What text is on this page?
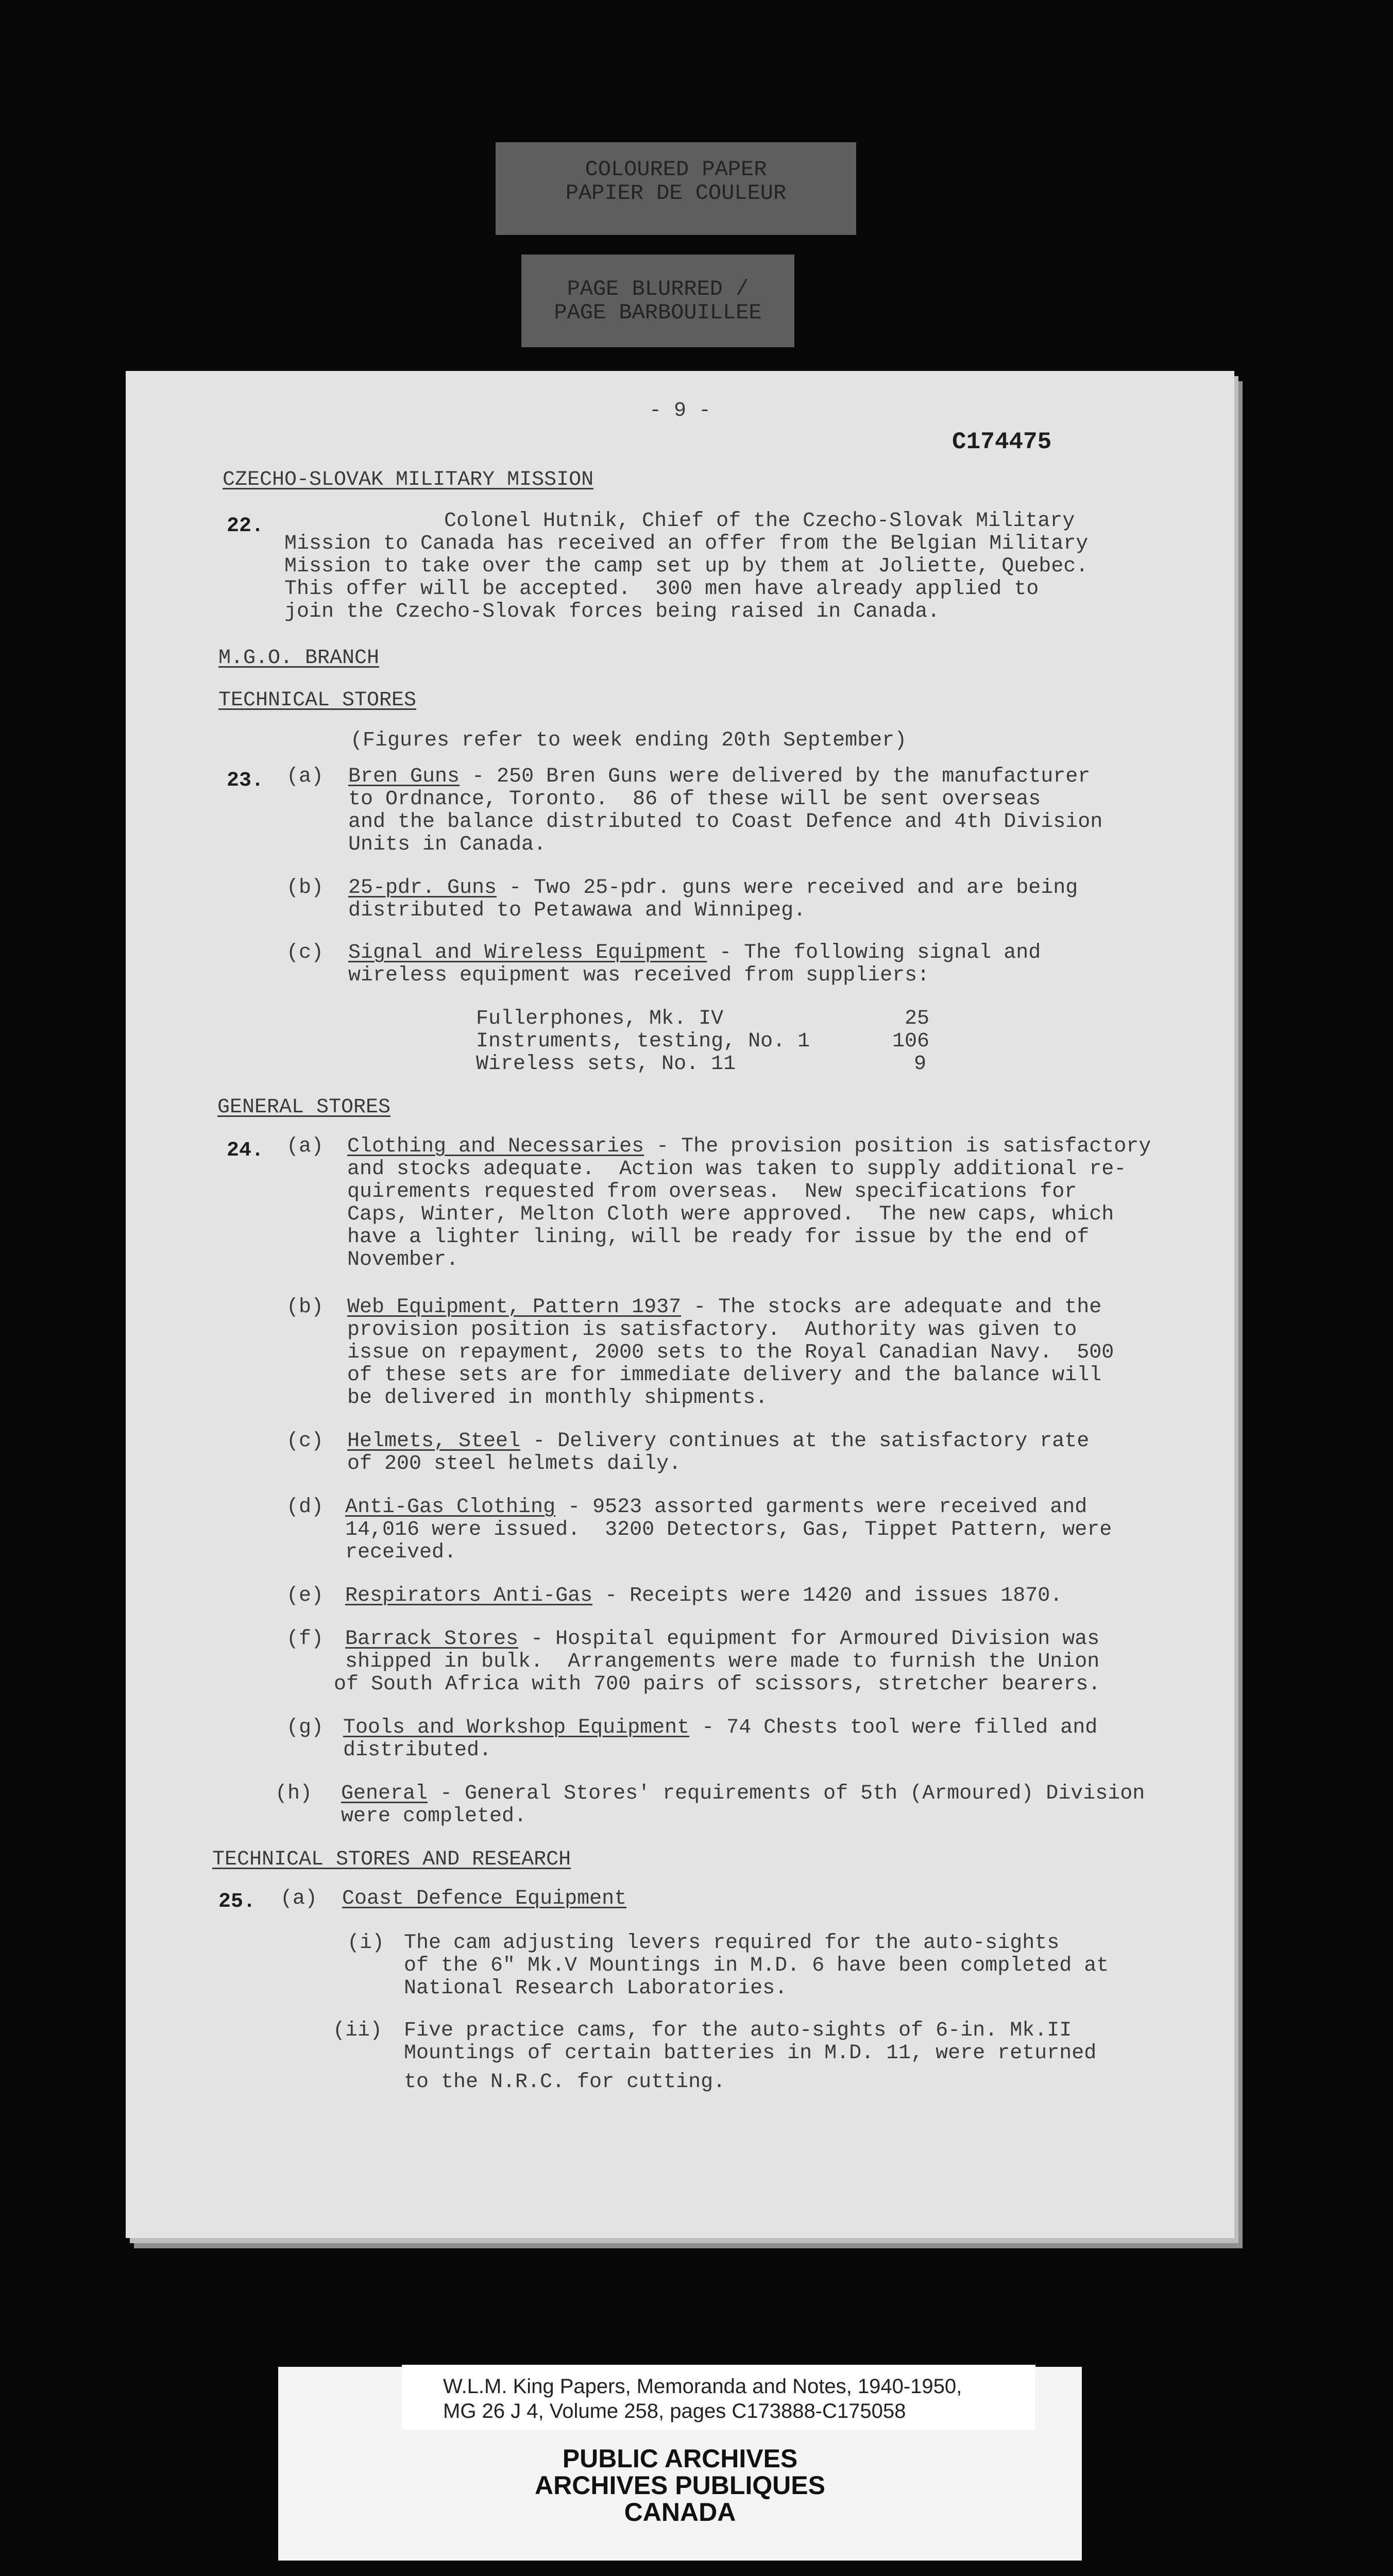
COLOURED PAPER
PAPIER DE COULEUR
PAGE BLURRED /
PAGE BARBOUILLEE
- 9 -
C174475
CZECHO-SLOVAK MILITARY MISSION
22.	Colonel Hutnik, Chief of the Czecho-Slovak Military
Mission to Canada has received an offer from the Belgian Military
Mission to take over the camp set up by them at Joliette, Quebec.
This offer will be accepted.  300 men have already applied to
join the Czecho-Slovak forces being raised in Canada.
M.G.O. BRANCH
TECHNICAL STORES
(Figures refer to week ending 20th September)
23. (a) Bren Guns - 250 Bren Guns were delivered by the manufacturer
to Ordnance, Toronto.  86 of these will be sent overseas
and the balance distributed to Coast Defence and 4th Division
Units in Canada.
(b) 25-pdr. Guns - Two 25-pdr. guns were received and are being
distributed to Petawawa and Winnipeg.
(c) Signal and Wireless Equipment - The following signal and
wireless equipment was received from suppliers:
Fullerphones, Mk. IV	25
Instruments, testing, No. 1	106
Wireless sets, No. 11	9
GENERAL STORES
24. (a) Clothing and Necessaries - The provision position is satisfactory
and stocks adequate.  Action was taken to supply additional re-
quirements requested from overseas.  New specifications for
Caps, Winter, Melton Cloth were approved.  The new caps, which
have a lighter lining, will be ready for issue by the end of
November.
(b) Web Equipment, Pattern 1937 - The stocks are adequate and the
provision position is satisfactory.  Authority was given to
issue on repayment, 2000 sets to the Royal Canadian Navy.  500
of these sets are for immediate delivery and the balance will
be delivered in monthly shipments.
(c) Helmets, Steel - Delivery continues at the satisfactory rate
of 200 steel helmets daily.
(d) Anti-Gas Clothing - 9523 assorted garments were received and
14,016 were issued.  3200 Detectors, Gas, Tippet Pattern, were
received.
(e) Respirators Anti-Gas - Receipts were 1420 and issues 1870.
(f) Barrack Stores - Hospital equipment for Armoured Division was
shipped in bulk.  Arrangements were made to furnish the Union
of South Africa with 700 pairs of scissors, stretcher bearers.
(g) Tools and Workshop Equipment - 74 Chests tool were filled and
distributed.
(h) General - General Stores' requirements of 5th (Armoured) Division
were completed.
TECHNICAL STORES AND RESEARCH
25. (a) Coast Defence Equipment
(i) The cam adjusting levers required for the auto-sights
of the 6" Mk.V Mountings in M.D. 6 have been completed at
National Research Laboratories.
(ii) Five practice cams, for the auto-sights of 6-in. Mk.II
Mountings of certain batteries in M.D. 11, were returned
to the N.R.C. for cutting.
W.L.M. King Papers, Memoranda and Notes, 1940-1950,
MG 26 J 4, Volume 258, pages C173888-C175058
PUBLIC ARCHIVES
ARCHIVES PUBLIQUES
CANADA
